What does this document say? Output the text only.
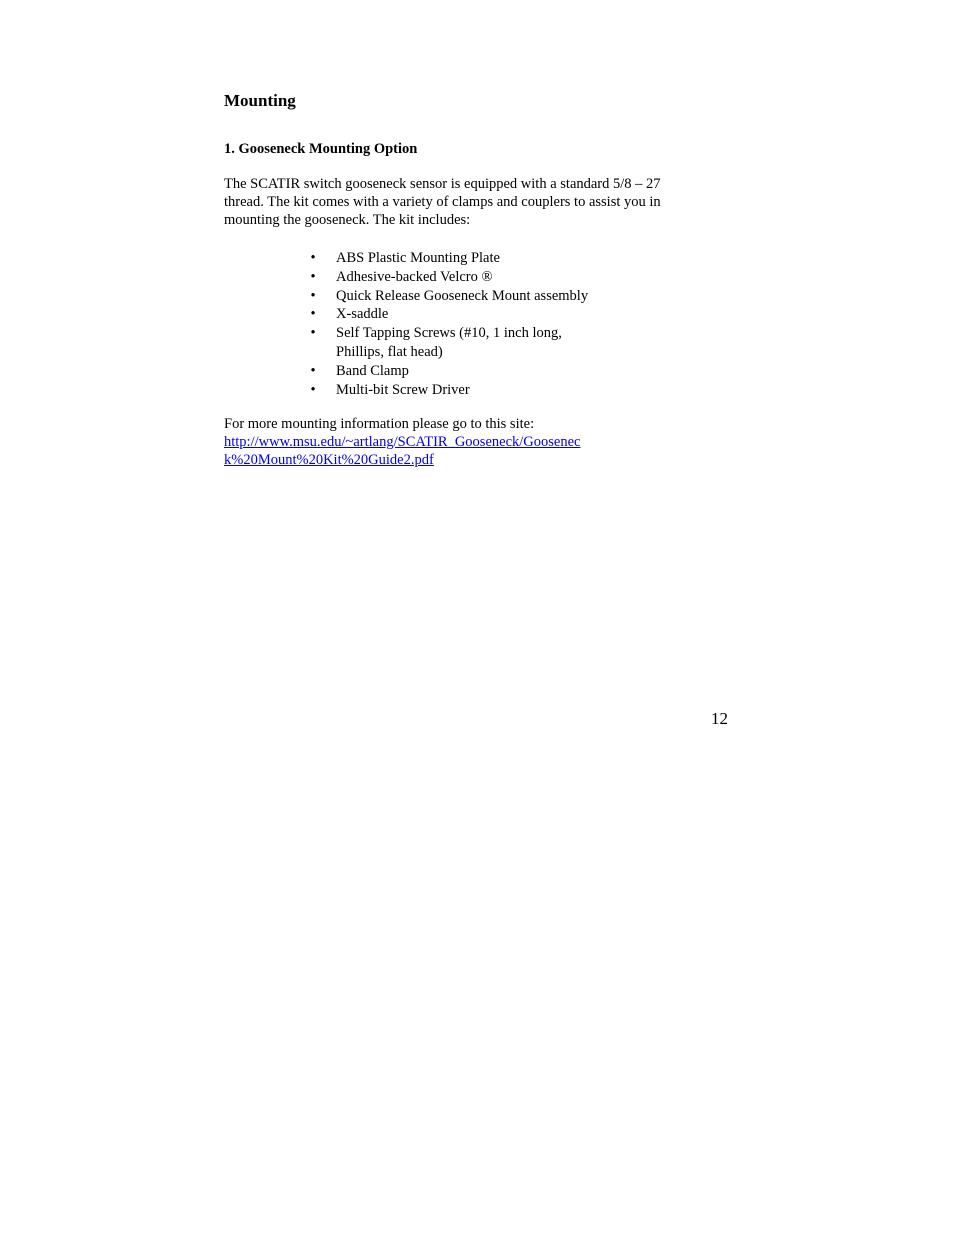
Mounting
1. Gooseneck Mounting Option
The SCATIR switch gooseneck sensor is equipped with a standard 5/8 – 27
thread. The kit comes with a variety of clamps and couplers to assist you in
mounting the gooseneck. The kit includes:
• ABS Plastic Mounting Plate
• Adhesive-backed Velcro ®
• Quick Release Gooseneck Mount assembly
• X-saddle
• Self Tapping Screws (#10, 1 inch long,
Phillips, flat head)
• Band Clamp
• Multi-bit Screw Driver
For more mounting information please go to this site:
http://www.msu.edu/~artlang/SCATIR_Gooseneck/Goosenec
k%20Mount%20Kit%20Guide2.pdf
12
